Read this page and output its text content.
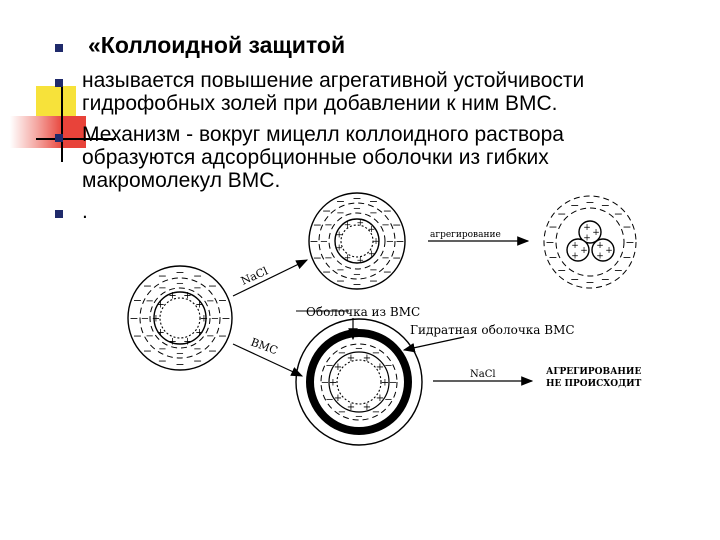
«Коллоидной защитой
называется повышение агрегативной устойчивости
гидрофобных золей при добавлении к ним ВМС.
Механизм - вокруг мицелл коллоидного раствора
образуются адсорбционные оболочки из гибких
макромолекул ВМС.
.
NaCl
ВМС
агрегирование
Оболочка из ВМС
Гидратная оболочка ВМС
NaCl	АГРЕГИРОВАНИЕ
НЕ ПРОИСХОДИТ
−
−
−
−
−
−
−
−
−
−
−
− − −
−
−
−
−
−
−
−
−
−
−
− − −
−
+
+
+
+
+
+
+
+ +
+
−
−
−
−
−
−
−
−
−
−
−
− − −
−
−
−
−
−
−
−
−
−
−
− − −
−
+
+
+
+
+
+
+ +
+
−
−
−
−
−
−
−
−
−
−
−
− − −
−
−
+
+
+
+
+
+
+
+
+
−
−
−
−
−
−
−
−
− − −
−
+
+
+
+
+
+
+
+ +
+
